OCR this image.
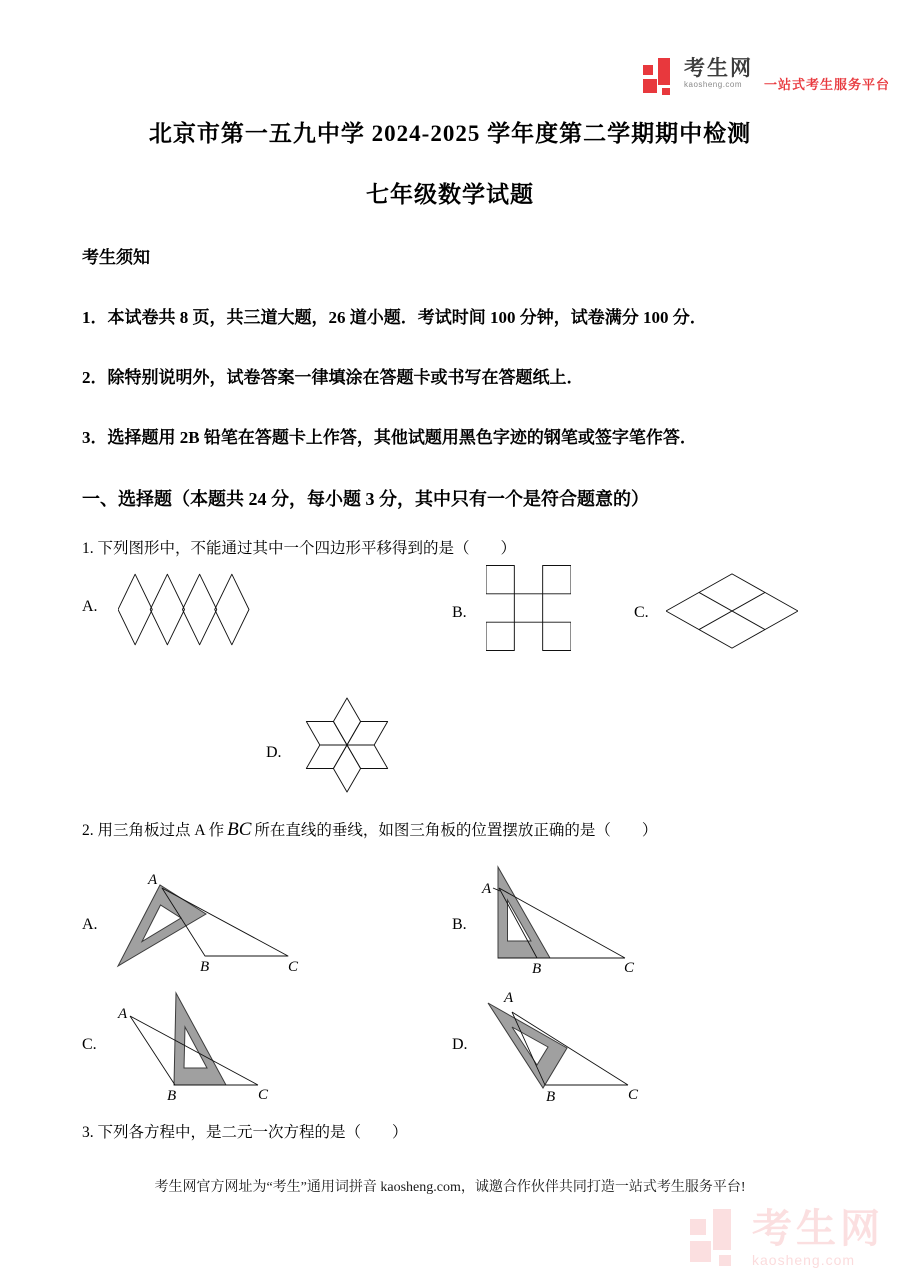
考生网
kaosheng.com	一站式考生服务平台
北京市第一五九中学 2024-2025 学年度第二学期期中检测
七年级数学试题
考生须知
1．本试卷共 8 页，共三道大题，26 道小题．考试时间 100 分钟，试卷满分 100 分．
2．除特别说明外，试卷答案一律填涂在答题卡或书写在答题纸上．
3．选择题用 2B 铅笔在答题卡上作答，其他试题用黑色字迹的钢笔或签字笔作答．
一、选择题（本题共 24 分，每小题 3 分，其中只有一个是符合题意的）
1. 下列图形中，不能通过其中一个四边形平移得到的是（　　）
A.	B.	C.
D.
2. 用三角板过点 A 作 BC 所在直线的垂线，如图三角板的位置摆放正确的是（　　）
A.
A
B	C
B.
A
B	C
C.
A
B	C
D.
A
B	C
3. 下列各方程中，是二元一次方程的是（　　）
考生网官方网址为“考生”通用词拼音 kaosheng.com，诚邀合作伙伴共同打造一站式考生服务平台!
考生网
kaosheng.com
